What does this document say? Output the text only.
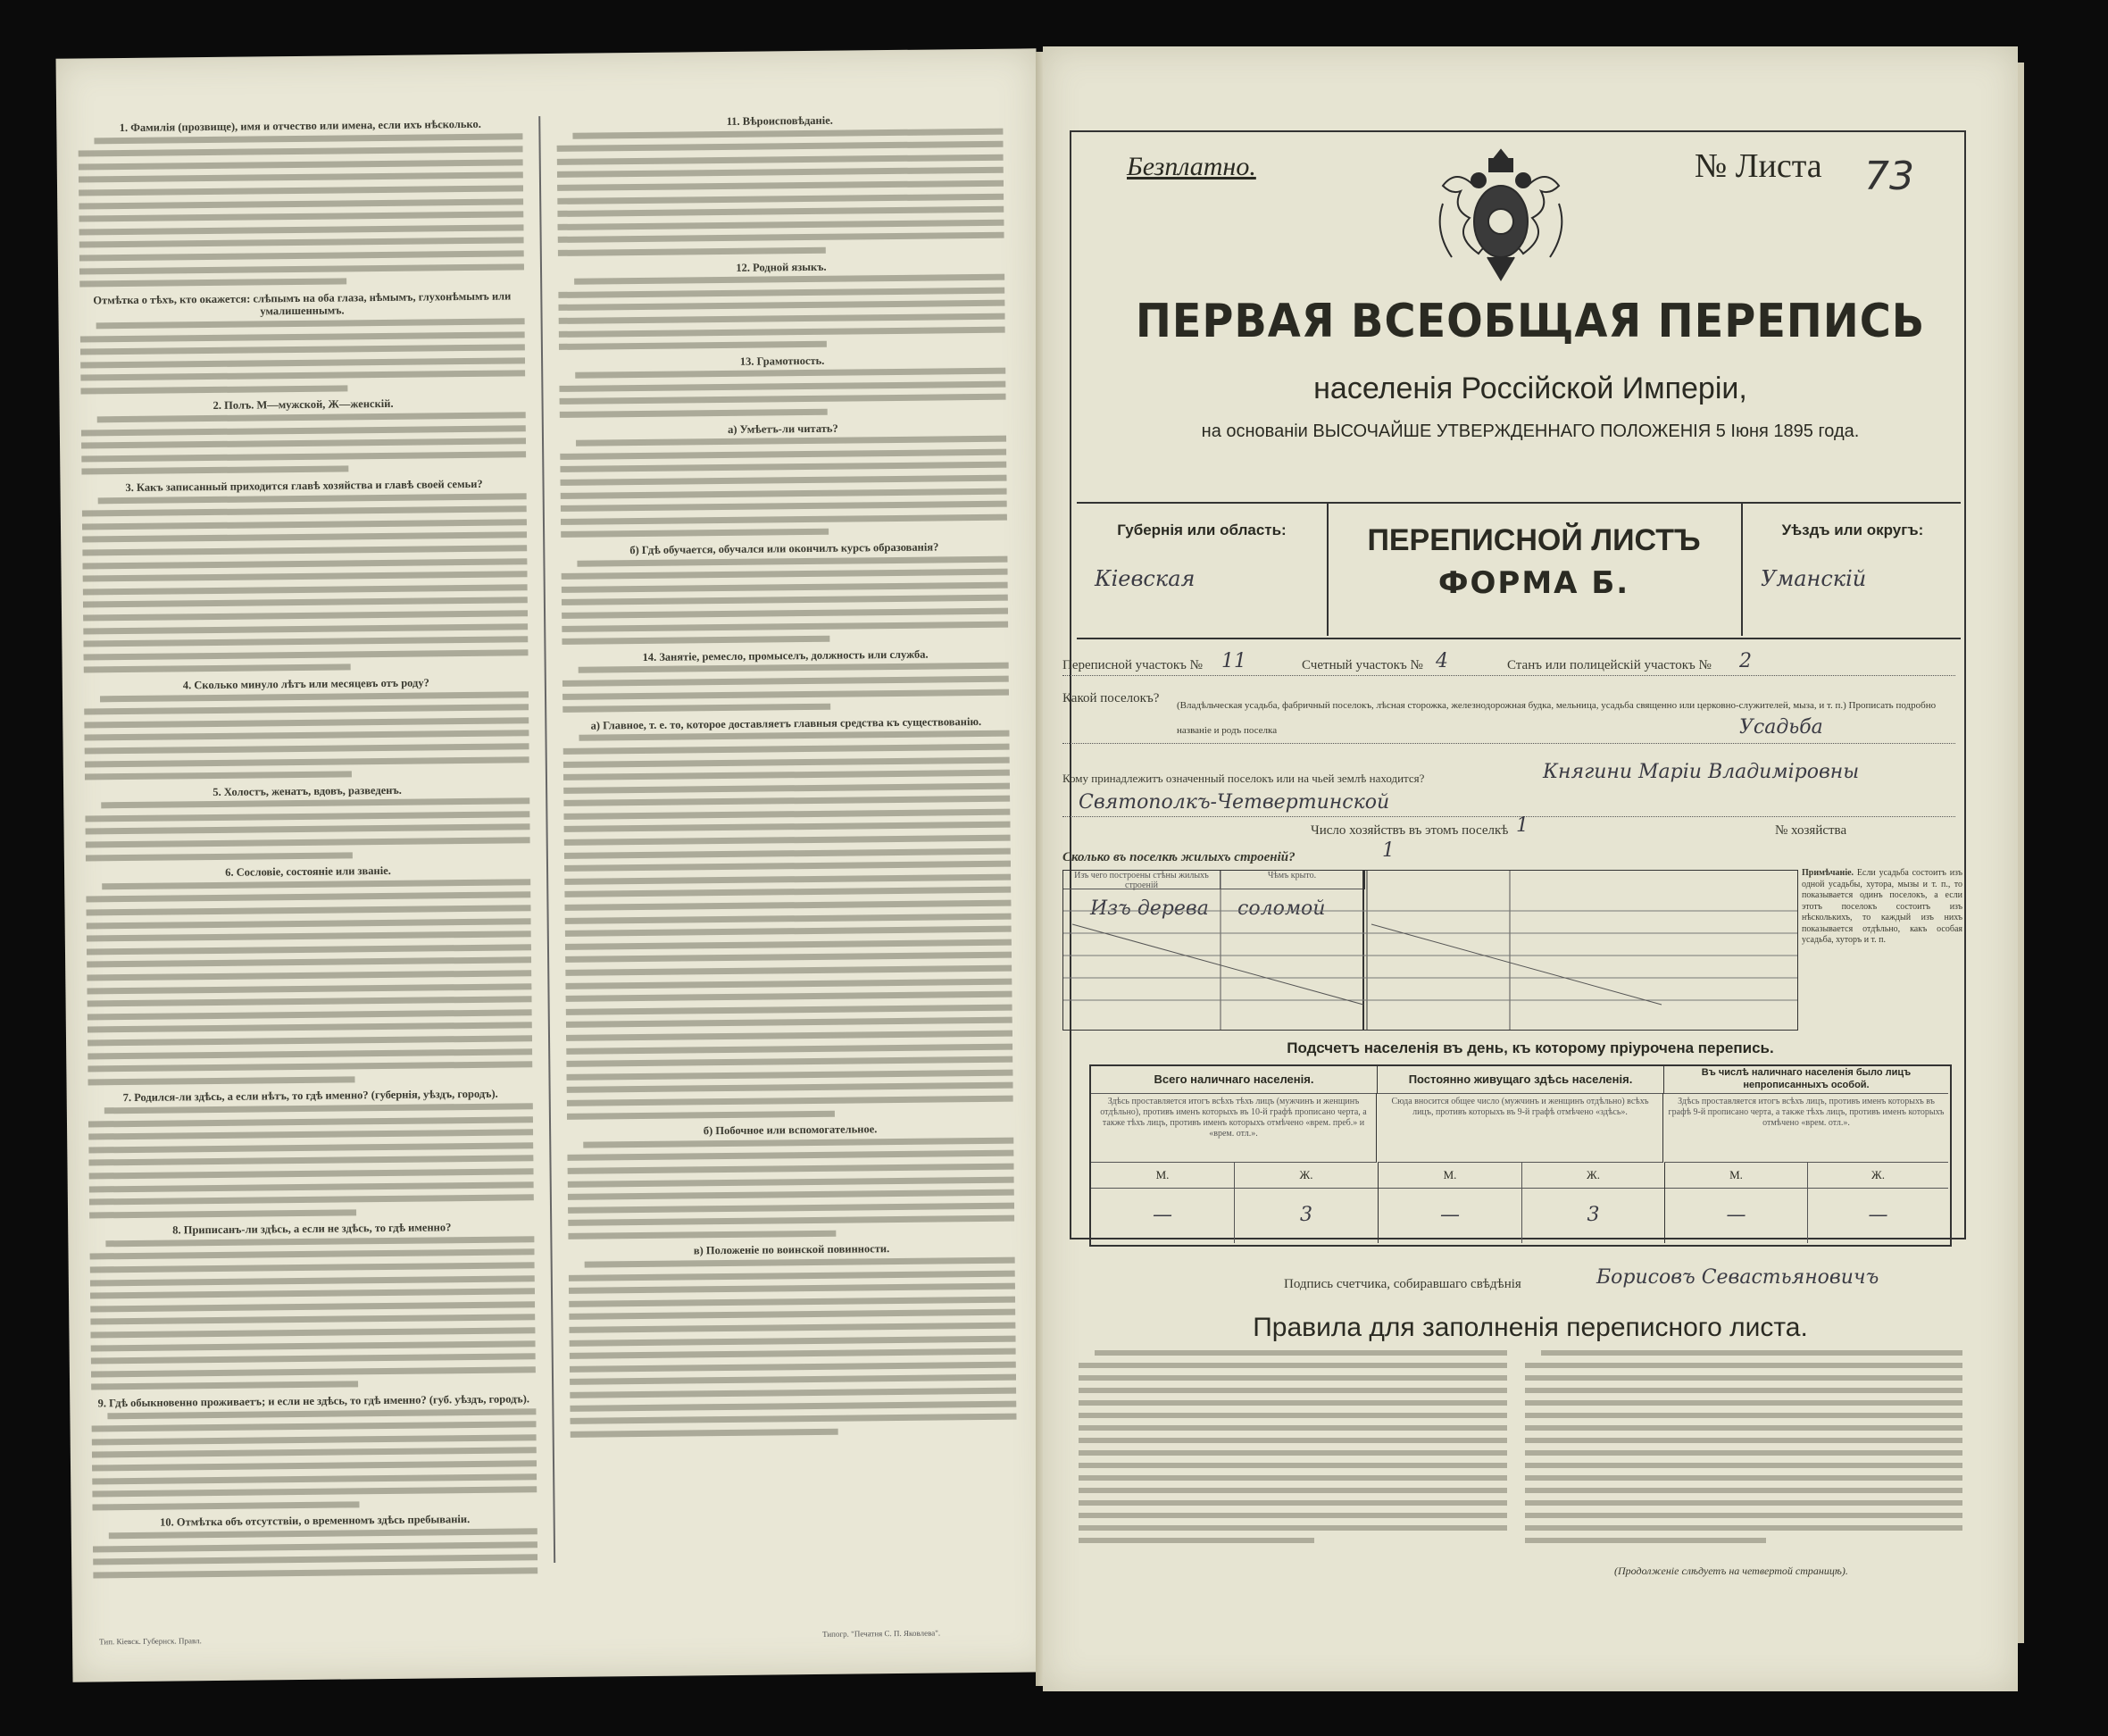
1. Фамилія (прозвище), имя и отчество или имена, если ихъ нѣсколько.
Отмѣтка о тѣхъ, кто окажется: слѣпымъ на оба глаза, нѣмымъ, глухонѣмымъ или умалишеннымъ.
2. Полъ. М—мужской, Ж—женскій.
3. Какъ записанный приходится главѣ хозяйства и главѣ своей семьи?
4. Сколько минуло лѣтъ или месяцевъ отъ роду?
5. Холостъ, женатъ, вдовъ, разведенъ.
6. Сословіе, состояніе или званіе.
7. Родился-ли здѣсь, а если нѣтъ, то гдѣ именно? (губернія, уѣздъ, городъ).
8. Приписанъ-ли здѣсь, а если не здѣсь, то гдѣ именно?
9. Гдѣ обыкновенно проживаетъ; и если не здѣсь, то гдѣ именно? (губ. уѣздъ, городъ).
10. Отмѣтка объ отсутствіи, о временномъ здѣсь пребываніи.
11. Вѣроисповѣданіе.
12. Родной языкъ.
13. Грамотность.
а) Умѣетъ-ли читать?
б) Гдѣ обучается, обучался или окончилъ курсъ образованія?
14. Занятіе, ремесло, промыселъ, должность или служба.
а) Главное, т. е. то, которое доставляетъ главныя средства къ существованію.
б) Побочное или вспомогательное.
в) Положеніе по воинской повинности.
Тип. Кіевск. Губернск. Правл.
Типогр. "Печатня С. П. Яковлева".
Безплатно.	№ Листа 73
ПЕРВАЯ ВСЕОБЩАЯ ПЕРЕПИСЬ
населенія Россійской Имперіи,
на основаніи ВЫСОЧАЙШЕ УТВЕРЖДЕННАГО ПОЛОЖЕНІЯ 5 Іюня 1895 года.
Губернія или область:
Кіевская
ПЕРЕПИСНОЙ ЛИСТЪ
ФОРМА Б.
Уѣздъ или округъ:
Уманскій
Переписной участокъ № 11	Счетный участокъ № 4	Станъ или полицейскій участокъ № 2
Какой поселокъ? (Владѣльческая усадьба, фабричный поселокъ, лѣсная сторожка, железнодорожная будка, мельница, усадьба священно или церковно-служителей, мыза, и т. п.) Прописать подробно названіе и родъ поселка	Усадьба
Кому принадлежитъ означенный поселокъ или на чьей землѣ находится?	Княгини Маріи Владиміровны
Святополкъ-Четвертинской
Число хозяйствъ въ этомъ поселкѣ 1	№ хозяйства
Сколько въ поселкѣ жилыхъ строеній?	1
Изъ чего построены стѣны жилыхъ строеній
Чѣмъ крыто.
Изъ дерева соломой
Примѣчаніе. Если усадьба состоитъ изъ одной усадьбы, хутора, мызы и т. п., то показывается одинъ поселокъ, а если этотъ поселокъ состоитъ изъ нѣсколькихъ, то каждый изъ нихъ показывается отдѣльно, какъ особая усадьба, хуторъ и т. п.
Подсчетъ населенія въ день, къ которому пріурочена перепись.
Всего наличнаго населенія.	Постоянно живущаго здѣсь населенія.	Въ числѣ наличнаго населенія было лицъ непрописанныхъ особой.
Здѣсь проставляется итогъ всѣхъ тѣхъ лицъ (мужчинъ и женщинъ отдѣльно), противъ именъ которыхъ въ 10-й графѣ прописано черта, а также тѣхъ лицъ, противъ именъ которыхъ отмѣчено «врем. преб.» и «врем. отл.».
Сюда вносится общее число (мужчинъ и женщинъ отдѣльно) всѣхъ лицъ, противъ которыхъ въ 9-й графѣ отмѣчено «здѣсь».
Здѣсь проставляется итогъ всѣхъ лицъ, противъ именъ которыхъ въ графѣ 9-й прописано черта, а также тѣхъ лицъ, противъ именъ которыхъ отмѣчено «врем. отл.».
М.	Ж.	М.	Ж.	М.	Ж.
—	3	—	3	—	—
Подпись счетчика, собиравшаго свѣдѣнія	Борисовъ Севастьяновичъ
Правила для заполненія переписного листа.
(Продолженіе слѣдуетъ на четвертой страницѣ).
